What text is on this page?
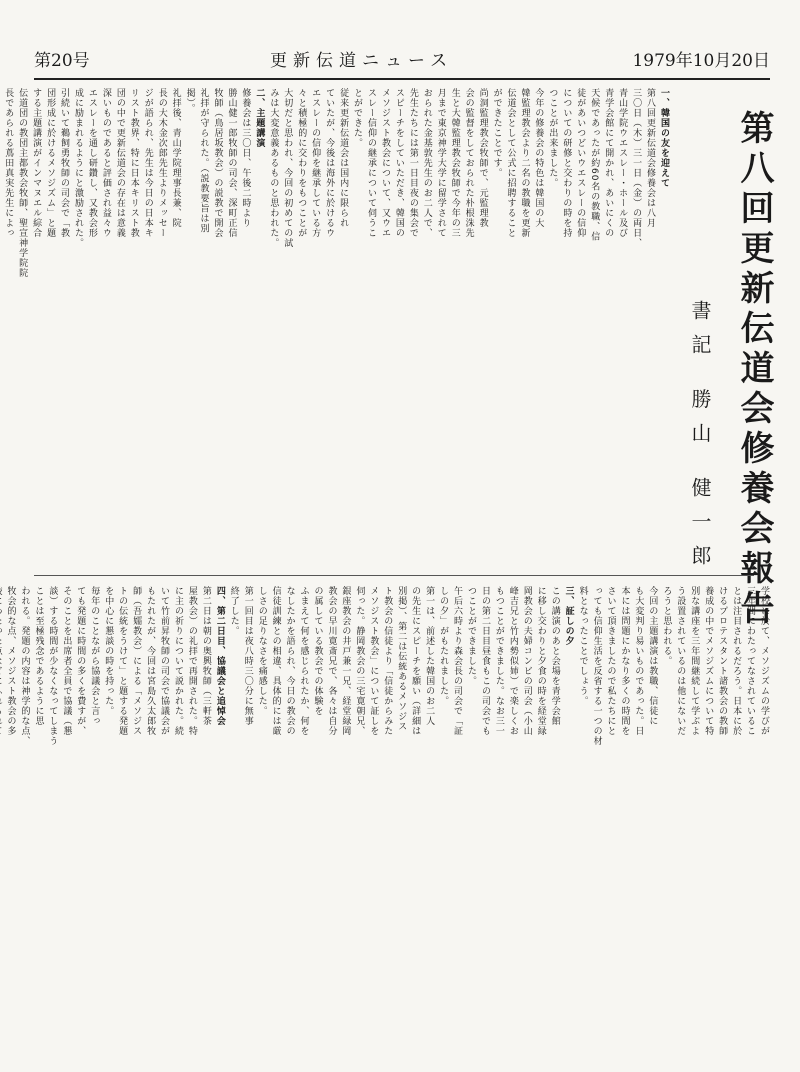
第20号	更新伝道ニュース	1979年10月20日
第八回更新伝道会修養会報告
書記 勝山 健一郎
一、韓国の友を迎えて
第八回更新伝道会修養会は八月
三〇日（木）三一日（金）の両日、
青山学院ウエスレー・ホール及び
青学会館にて開かれ、あいにくの
天候であったが約60名の教職、信
徒があいつどいウエスレーの信仰
についての研修と交わりの時を持
つことが出来ました。
今年の修養会の特色は韓国の大
韓監理教会より二名の教職を更新
伝道会として公式に招聘すること
ができたことです。
尚洞監理教会牧師で、元監理教
会の監督をしておられた朴根洙先
生と大韓監理教会牧師で今年の三
月まで東京神学大学に留学されて
おられた金基敦先生のお二人で、
先生たちには第一日目夜の集会で
スピーチをしていただき、韓国の
メソジスト教会について、又ウエ
スレー信仰の継承について伺うこ
とができた。
従来更新伝道会は国内に限られ
ていたが、今後は海外に於けるウ
エスレーの信仰を継承している方
々と積極的に交わりをもつことが
大切だと思われ、今回の初めての試
みは大変意義あるものと思われた。
二、主題講演
修養会は三〇日、午後二時より
勝山健一郎牧師の司会、深町正信
牧師（鳥居坂教会）の説教で開会
礼拝が守られた。（説教要旨は別
掲）。
礼拝後、青山学院理事長兼、院
長の大木金次郎先生よりメッセー
ジが語られ、先生は今日の日本キ
リスト教界、特に日本キリスト教
団の中で更新伝道会の存在は意義
深いものであると評価され益々ウ
エスレーを通し研鑽し、又教会形
成に励まれるようにと激励された。
引続いて鵜飼勇牧師の司会で「教
団形成に於けるメソジズム」と題
する主題講演がインマヌエル綜合
伝道団の教団主都教会牧師、聖宣神学院院
長であられる蔦田真実先生によっ
学校に於て、メソジズムの学びが
三年間にわたってなされているこ
とは注目されるだろう。日本に於
けるプロテスタント諸教会の教師
養成の中でメソジズムについて特
別な講座を三年間継続して学ぶよ
う設置されているのは他にないだ
ろうと思われる。
今回の主題講演は教職、信徒に
も大変判り易いものであった。日
本には問題にかなり多くの時間を
さいて頂きましたので私たちにと
っても信仰生活を反省する一つの材
料となったことでしょう。
三、証しの夕
この講演のあと会場を青学会館
に移し交わりと夕食の時を経堂緑
岡教会の夫婦コンビの司会（小山
峰吉兄と竹内勢似姉）で楽しくお
もつことができました。なお三一
日の第二日目昼食もこの司会でも
つことができました。
午后六時より森会長の司会で「証
しの夕」がもたれました。
第一は、前述した韓国のお二人
の先生にスピーチを願い（詳細は
別掲）、第二は伝統あるメソジス
ト教会の信徒より「信徒からみた
メソジスト教会」について証しを
伺った。静岡教会の三宅寛朝兄、
銀座教会の井戸兼一兄、経堂緑岡
教会の早川寛斎兄で、各々は自分
の属している教会での体験を
ふまえて何を感じられたか、何を
なしたかを語られ、今日の教会の
信徒訓練との相違、具体的には厳
しさの足りなさを痛感した。
第一回目は夜八時三〇分に無事
終了した。
四、第二日目、協議会と追悼会
第二日は朝の奥興牧師（三軒茶
屋教会）の礼拝で再開された。特
に主の祈りについて説かれた。続
いて竹前昇牧師の司会で協議会が
もたれたが、今回は宮島久太郎牧
師（吾嬬教会）による「メソジス
トの伝統をうけて」と題する発題
を中心に懇談の時を持った。
毎年のことながら協議会と言っ
ても発題に時間の多くを費すが、
そのことを出席者全員で協議（懇
談）する時間が少なくなってしまう
ことは至極残念であるように思
われる。発題の内容は神学的な点、
牧会的な点、メソジスト教会の多
